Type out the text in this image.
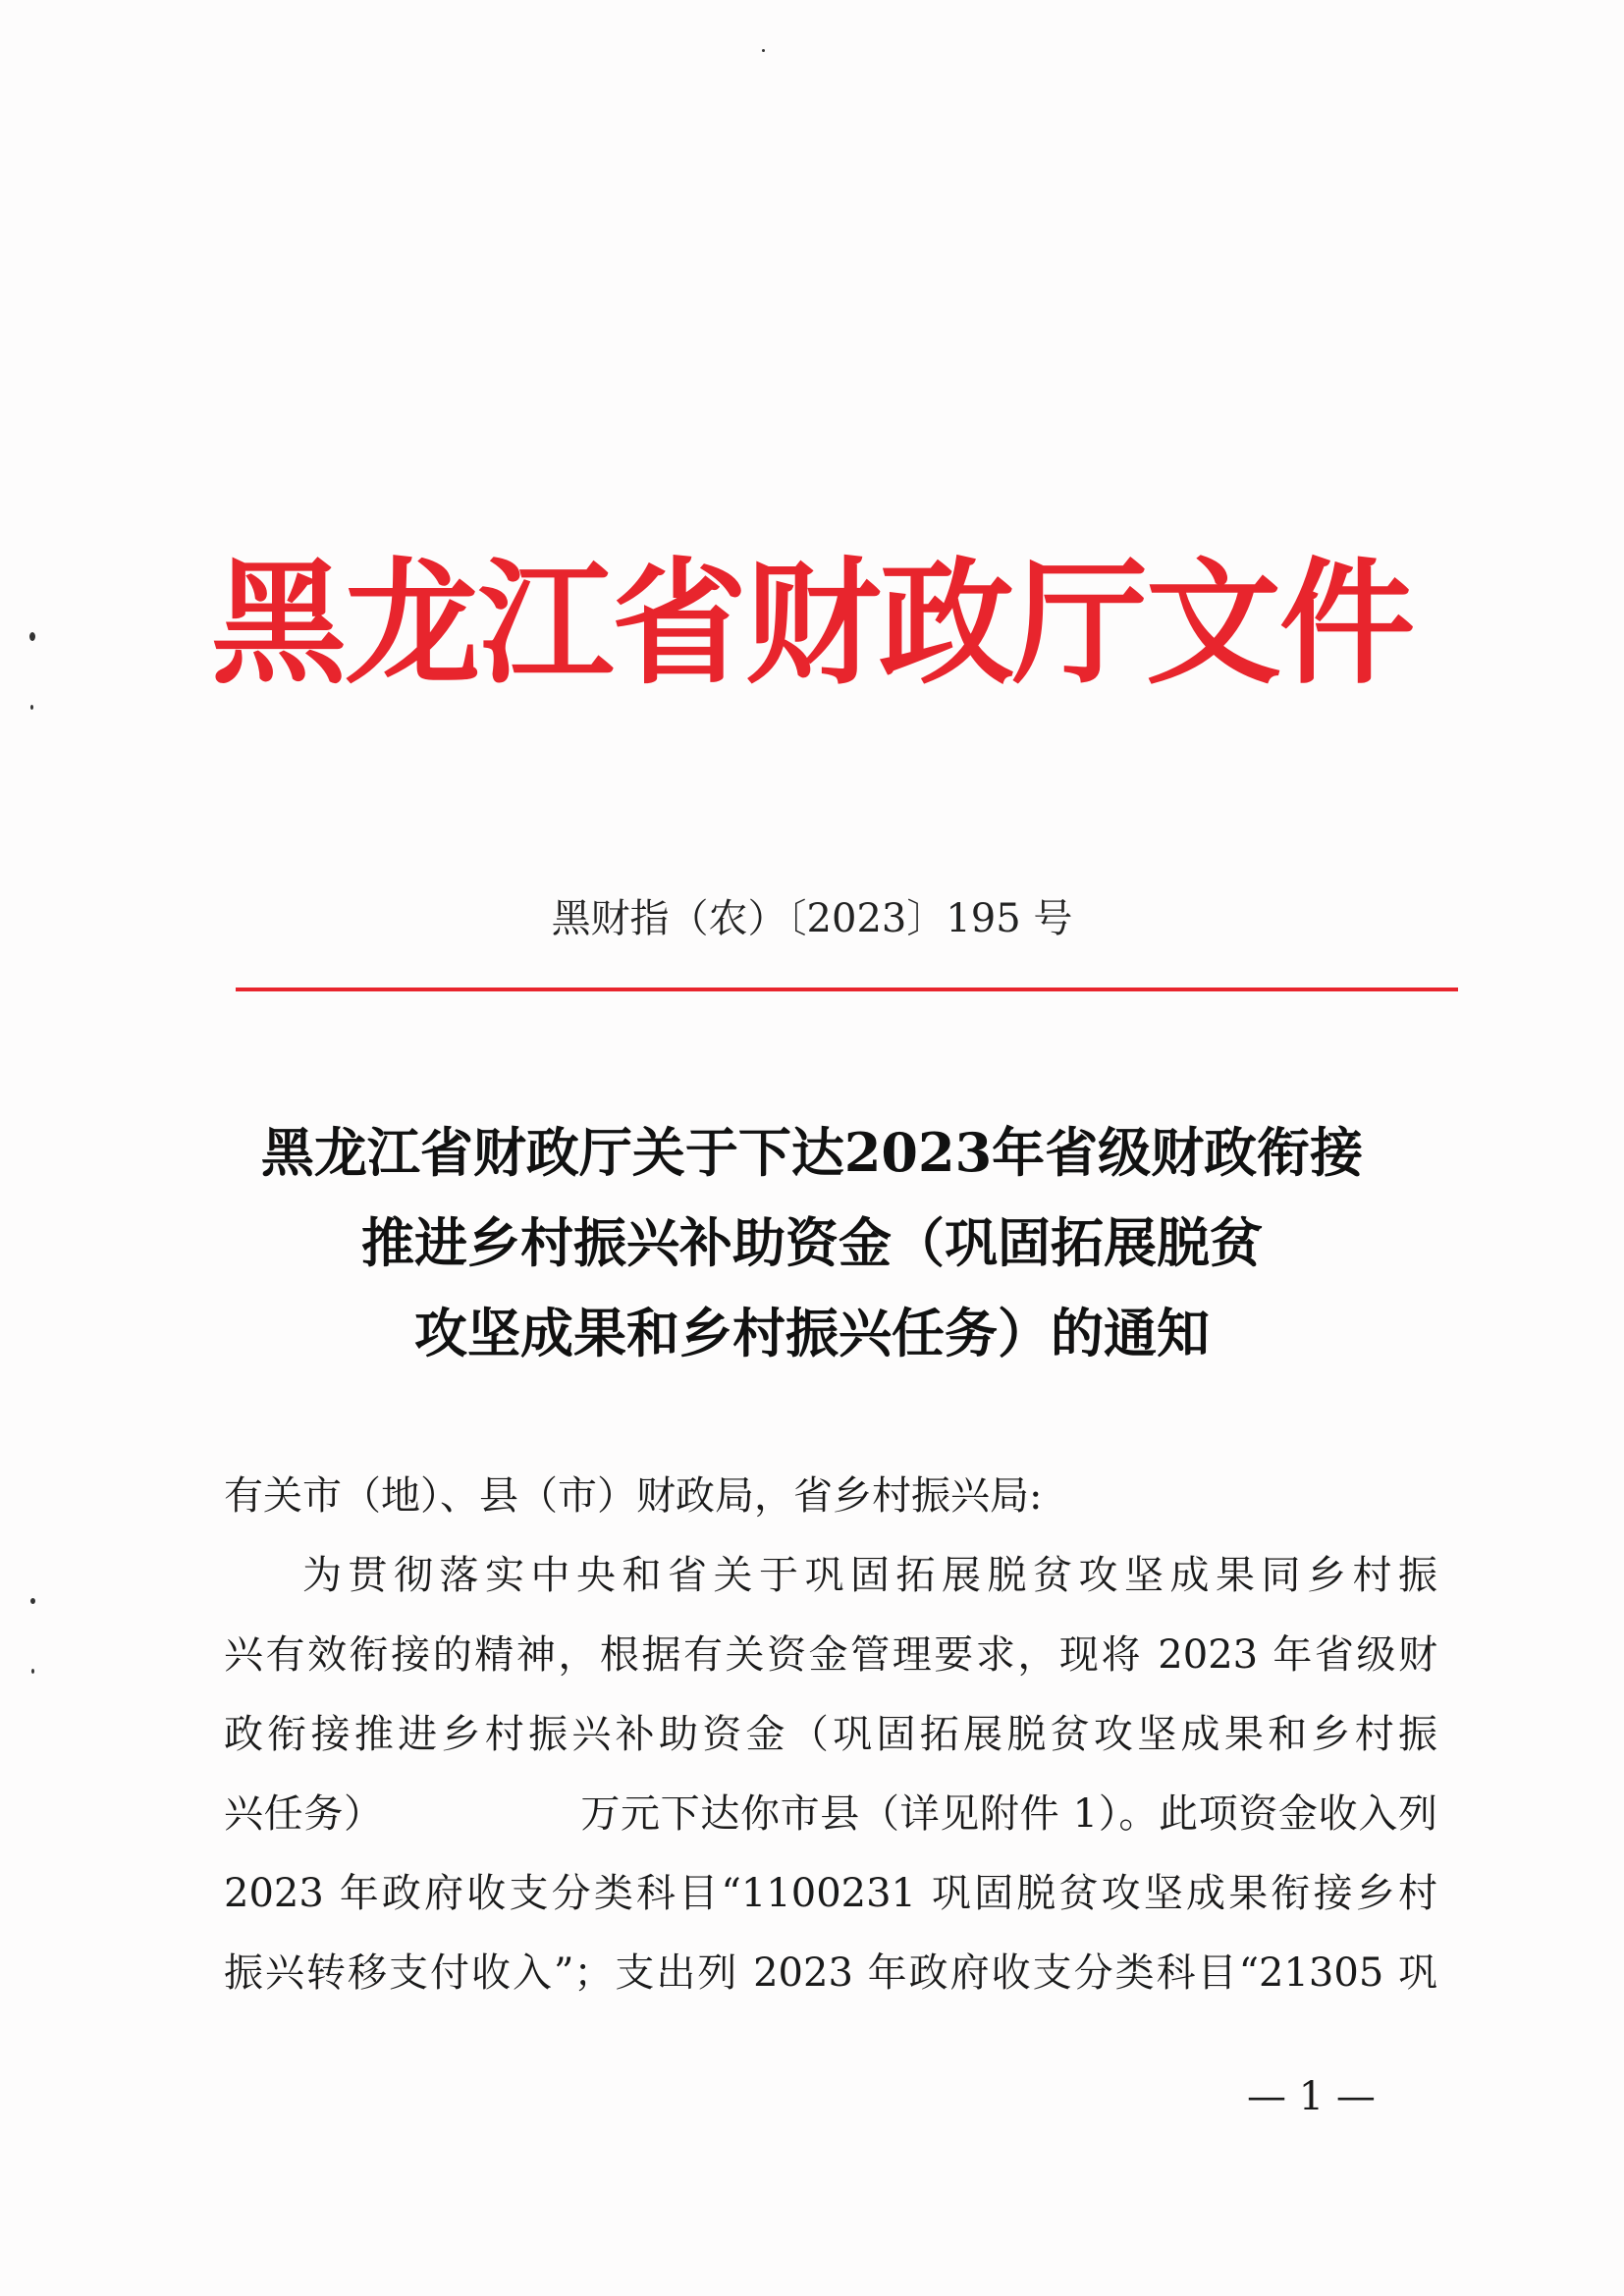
黑龙江省财政厅文件
黑财指（农）〔2023〕195 号
黑龙江省财政厅关于下达2023年省级财政衔接
推进乡村振兴补助资金（巩固拓展脱贫
攻坚成果和乡村振兴任务）的通知
有关市（地）、县（市）财政局，省乡村振兴局:
为贯彻落实中央和省关于巩固拓展脱贫攻坚成果同乡村振
兴有效衔接的精神，根据有关资金管理要求，现将 2023 年省级财
政衔接推进乡村振兴补助资金（巩固拓展脱贫攻坚成果和乡村振
兴任务）	万元下达你市县（详见附件 1）。此项资金收入列
2023 年政府收支分类科目“1100231 巩固脱贫攻坚成果衔接乡村
振兴转移支付收入”；支出列 2023 年政府收支分类科目“21305 巩
— 1 —
